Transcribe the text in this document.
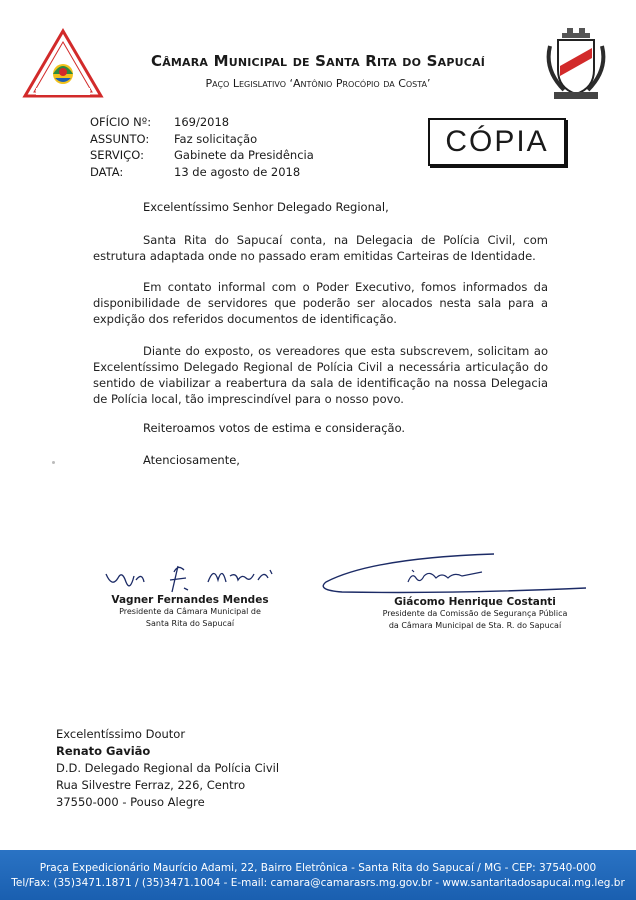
Câmara Municipal de Santa Rita do Sapucaí
Paço Legislativo ‘Antônio Procópio da Costa’
OFÍCIO Nº:	169/2018
ASSUNTO:	Faz solicitação
SERVIÇO:	Gabinete da Presidência
DATA:	13 de agosto de 2018
CÓPIA
Excelentíssimo Senhor Delegado Regional,

Santa Rita do Sapucaí conta, na Delegacia de Polícia Civil, com estrutura adaptada onde no passado eram emitidas Carteiras de Identidade.

Em contato informal com o Poder Executivo, fomos informados da disponibilidade de servidores que poderão ser alocados nesta sala para a expdição dos referidos documentos de identificação.

Diante do exposto, os vereadores que esta subscrevem, solicitam ao Excelentíssimo Delegado Regional de Polícia Civil a necessária articulação do sentido de viabilizar a reabertura da sala de identificação na nossa Delegacia de Polícia local, tão imprescindível para o nosso povo.

Reiteroamos votos de estima e consideração.
Atenciosamente,
Vagner Fernandes Mendes
Presidente da Câmara Municipal de
Santa Rita do Sapucaí
Giácomo Henrique Costanti
Presidente da Comissão de Segurança Pública
da Câmara Municipal de Sta. R. do Sapucaí
Excelentíssimo Doutor
Renato Gavião
D.D. Delegado Regional da Polícia Civil
Rua Silvestre Ferraz, 226, Centro
37550-000 - Pouso Alegre
Praça Expedicionário Maurício Adami, 22, Bairro Eletrônica - Santa Rita do Sapucaí / MG - CEP: 37540-000
Tel/Fax: (35)3471.1871 / (35)3471.1004 - E-mail: camara@camarasrs.mg.gov.br - www.santaritadosapucai.mg.leg.br
